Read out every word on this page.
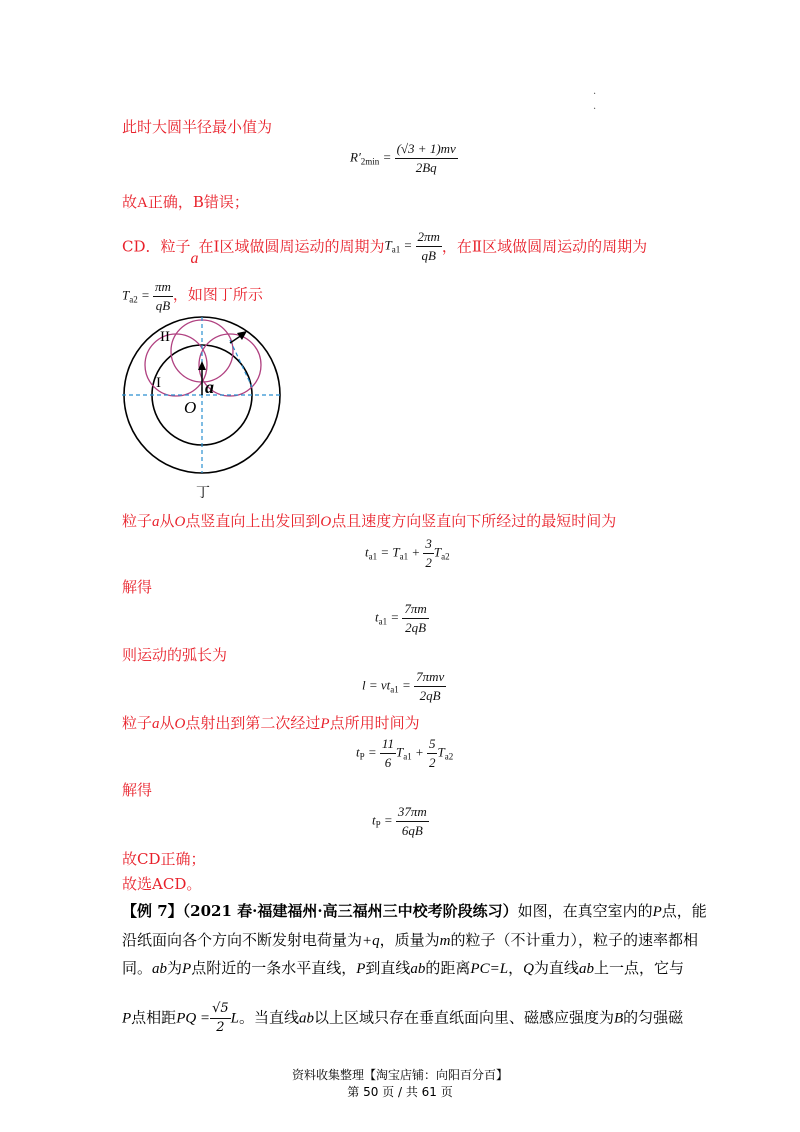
.
.
此时大圆半径最小值为
$R'_{2min} = \frac{(√3 + 1)mv}{2Bq}$
故A正确，B错误；
CD．粒子a在Ⅰ区域做圆周运动的周期为$T_{a1} = \frac{2\pi m}{qB}$ ，在Ⅱ区域做圆周运动的周期为
$T_{a2} = \frac{\pi m}{qB}$ ，如图丁所示
II
I a
O
丁
粒子a从O点竖直向上出发回到O点且速度方向竖直向下所经过的最短时间为
$t_{a1} = T_{a1} + \frac{3}{2} T_{a2}$
解得
$t_{a1} = \frac{7\pi m}{2qB}$
则运动的弧长为
$l = vt_{a1} = \frac{\text{7πmv}}{2qB}$
粒子a从O点射出到第二次经过P点所用时间为
$t_P = \frac{11}{6} T_{a1} + \frac{5}{2} T_{a2}$
解得
$t_P = \frac{37\pi m}{6qB}$
故CD正确；
故选ACD。
【例 7】（2021 春·福建福州·高三福州三中校考阶段练习）如图，在真空室内的P点，能
沿纸面向各个方向不断发射电荷量为+q，质量为m的粒子（不计重力），粒子的速率都相
同。ab为P点附近的一条水平直线，P到直线ab的距离PC=L，Q为直线ab上一点，它与
P点相距PQ = $\frac{√5}{2}$ L。当直线ab以上区域只存在垂直纸面向里、磁感应强度为B的匀强磁
资料收集整理【淘宝店铺：向阳百分百】
第 50 页 / 共 61 页
